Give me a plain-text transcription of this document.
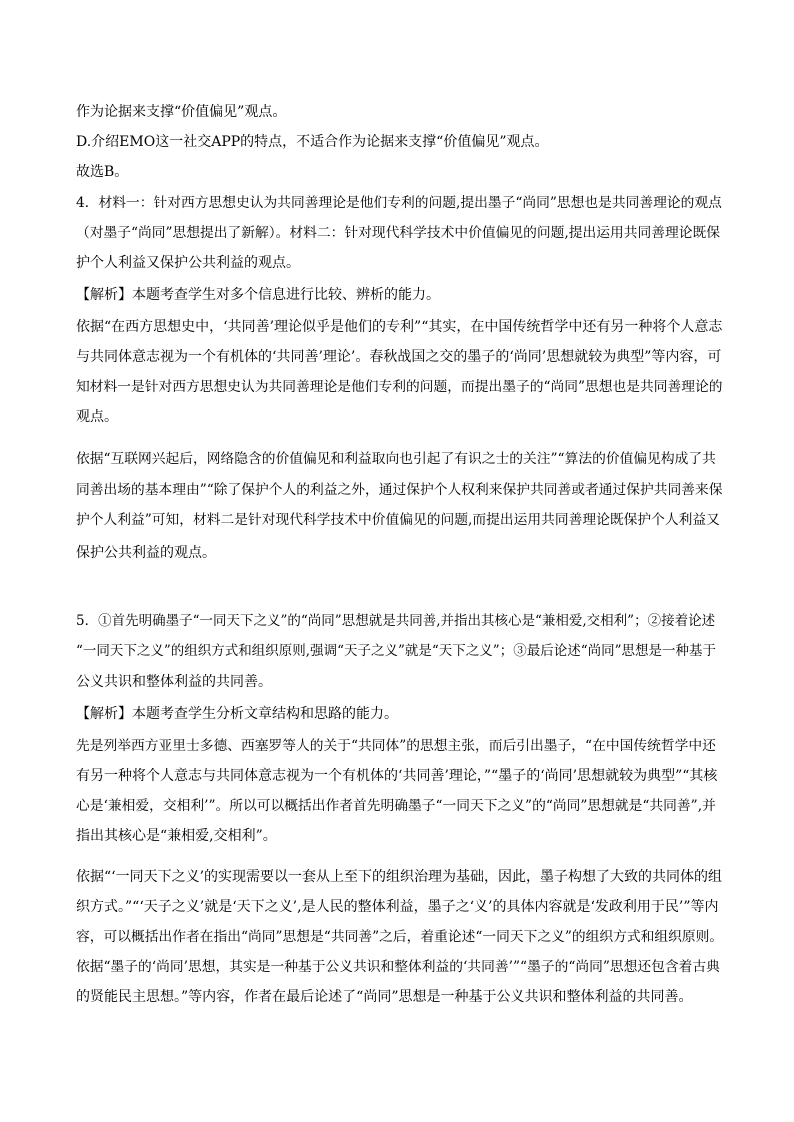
作为论据来支撑“价值偏见”观点。
D.介绍EMO这一社交APP的特点，不适合作为论据来支撑“价值偏见”观点。
故选B。
4．材料一：针对西方思想史认为共同善理论是他们专利的问题,提出墨子“尚同”思想也是共同善理论的观点
（对墨子“尚同”思想提出了新解）。材料二：针对现代科学技术中价值偏见的问题,提出运用共同善理论既保
护个人利益又保护公共利益的观点。
【解析】本题考查学生对多个信息进行比较、辨析的能力。
依据“在西方思想史中，‘共同善’理论似乎是他们的专利”“其实，在中国传统哲学中还有另一种将个人意志
与共同体意志视为一个有机体的‘共同善’理论’。春秋战国之交的墨子的‘尚同’思想就较为典型”等内容，可
知材料一是针对西方思想史认为共同善理论是他们专利的问题，而提出墨子的“尚同”思想也是共同善理论的
观点。
依据“互联网兴起后，网络隐含的价值偏见和利益取向也引起了有识之士的关注”“算法的价值偏见构成了共
同善出场的基本理由”“除了保护个人的利益之外，通过保护个人权利来保护共同善或者通过保护共同善来保
护个人利益”可知，材料二是针对现代科学技术中价值偏见的问题,而提出运用共同善理论既保护个人利益又
保护公共利益的观点。
5．①首先明确墨子“一同天下之义”的“尚同”思想就是共同善,并指出其核心是“兼相爱,交相利”；②接着论述
“一同天下之义”的组织方式和组织原则,强调“天子之义”就是“天下之义”；③最后论述“尚同”思想是一种基于
公义共识和整体利益的共同善。
【解析】本题考查学生分析文章结构和思路的能力。
先是列举西方亚里士多德、西塞罗等人的关于“共同体”的思想主张，而后引出墨子，“在中国传统哲学中还
有另一种将个人意志与共同体意志视为一个有机体的‘共同善’理论，”“墨子的‘尚同’思想就较为典型”“其核
心是‘兼相爱，交相利’”。所以可以概括出作者首先明确墨子“一同天下之义”的“尚同”思想就是“共同善”,并
指出其核心是“兼相爱,交相利”。
依据“‘一同天下之义’的实现需要以一套从上至下的组织治理为基础，因此，墨子构想了大致的共同体的组
织方式。”“‘天子之义’就是‘天下之义’,是人民的整体利益，墨子之‘义’的具体内容就是‘发政利用于民’”等内
容，可以概括出作者在指出“尚同”思想是“共同善”之后，着重论述“一同天下之义”的组织方式和组织原则。
依据“墨子的‘尚同’思想，其实是一种基于公义共识和整体利益的‘共同善’”“墨子的“尚同”思想还包含着古典
的贤能民主思想。”等内容，作者在最后论述了“尚同”思想是一种基于公义共识和整体利益的共同善。
